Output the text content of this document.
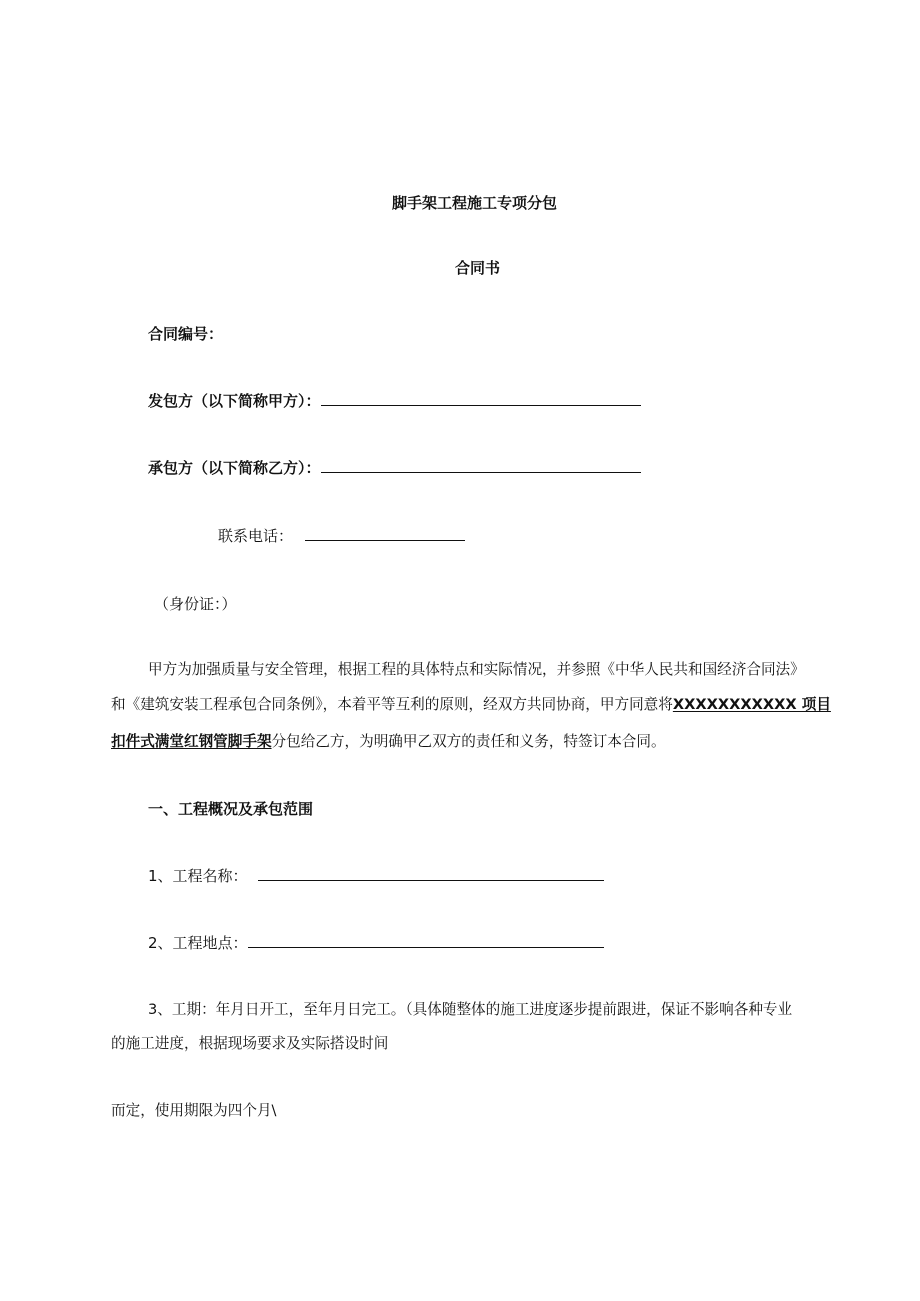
脚手架工程施工专项分包
合同书
合同编号：
发包方（以下简称甲方）：
承包方（以下简称乙方）：
联系电话：
（身份证：）
甲方为加强质量与安全管理，根据工程的具体特点和实际情况，并参照《中华人民共和国经济合同法》
和《建筑安装工程承包合同条例》，本着平等互利的原则，经双方共同协商，甲方同意将XXXXXXXXXXX 项目
扣件式满堂红钢管脚手架分包给乙方，为明确甲乙双方的责任和义务，特签订本合同。
一、工程概况及承包范围
1、工程名称：
2、工程地点：
3、工期：年月日开工，至年月日完工。（具体随整体的施工进度逐步提前跟进，保证不影响各种专业
的施工进度，根据现场要求及实际搭设时间
而定，使用期限为四个月\
